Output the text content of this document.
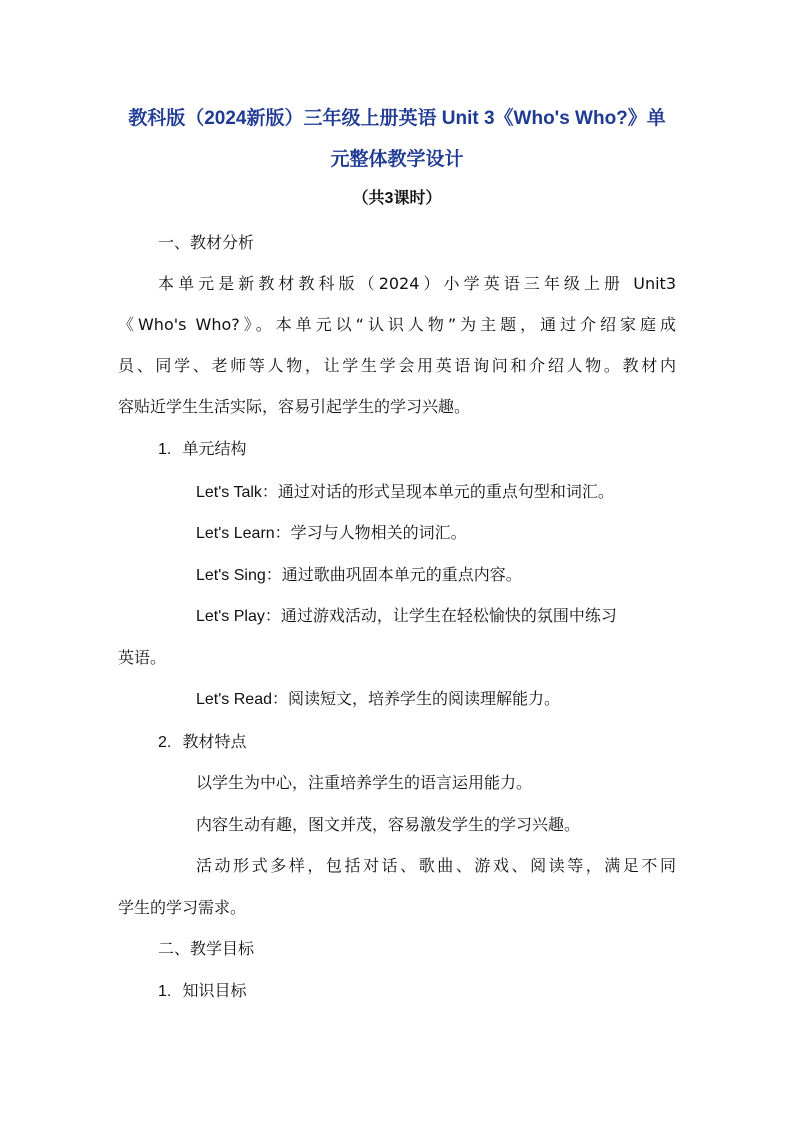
教科版（2024新版）三年级上册英语 Unit 3《Who's Who?》单

元整体教学设计

（共3课时）

一、教材分析

本单元是新教材教科版（2024）小学英语三年级上册 Unit3

《Who's Who?》。本单元以“认识人物”为主题，通过介绍家庭成

员、同学、老师等人物，让学生学会用英语询问和介绍人物。教材内

容贴近学生生活实际，容易引起学生的学习兴趣。

1. 单元结构

Let's Talk：通过对话的形式呈现本单元的重点句型和词汇。

Let's Learn：学习与人物相关的词汇。

Let's Sing：通过歌曲巩固本单元的重点内容。

Let's Play：通过游戏活动，让学生在轻松愉快的氛围中练习

英语。

Let's Read：阅读短文，培养学生的阅读理解能力。

2. 教材特点

以学生为中心，注重培养学生的语言运用能力。

内容生动有趣，图文并茂，容易激发学生的学习兴趣。

活动形式多样，包括对话、歌曲、游戏、阅读等，满足不同

学生的学习需求。

二、教学目标

1. 知识目标
